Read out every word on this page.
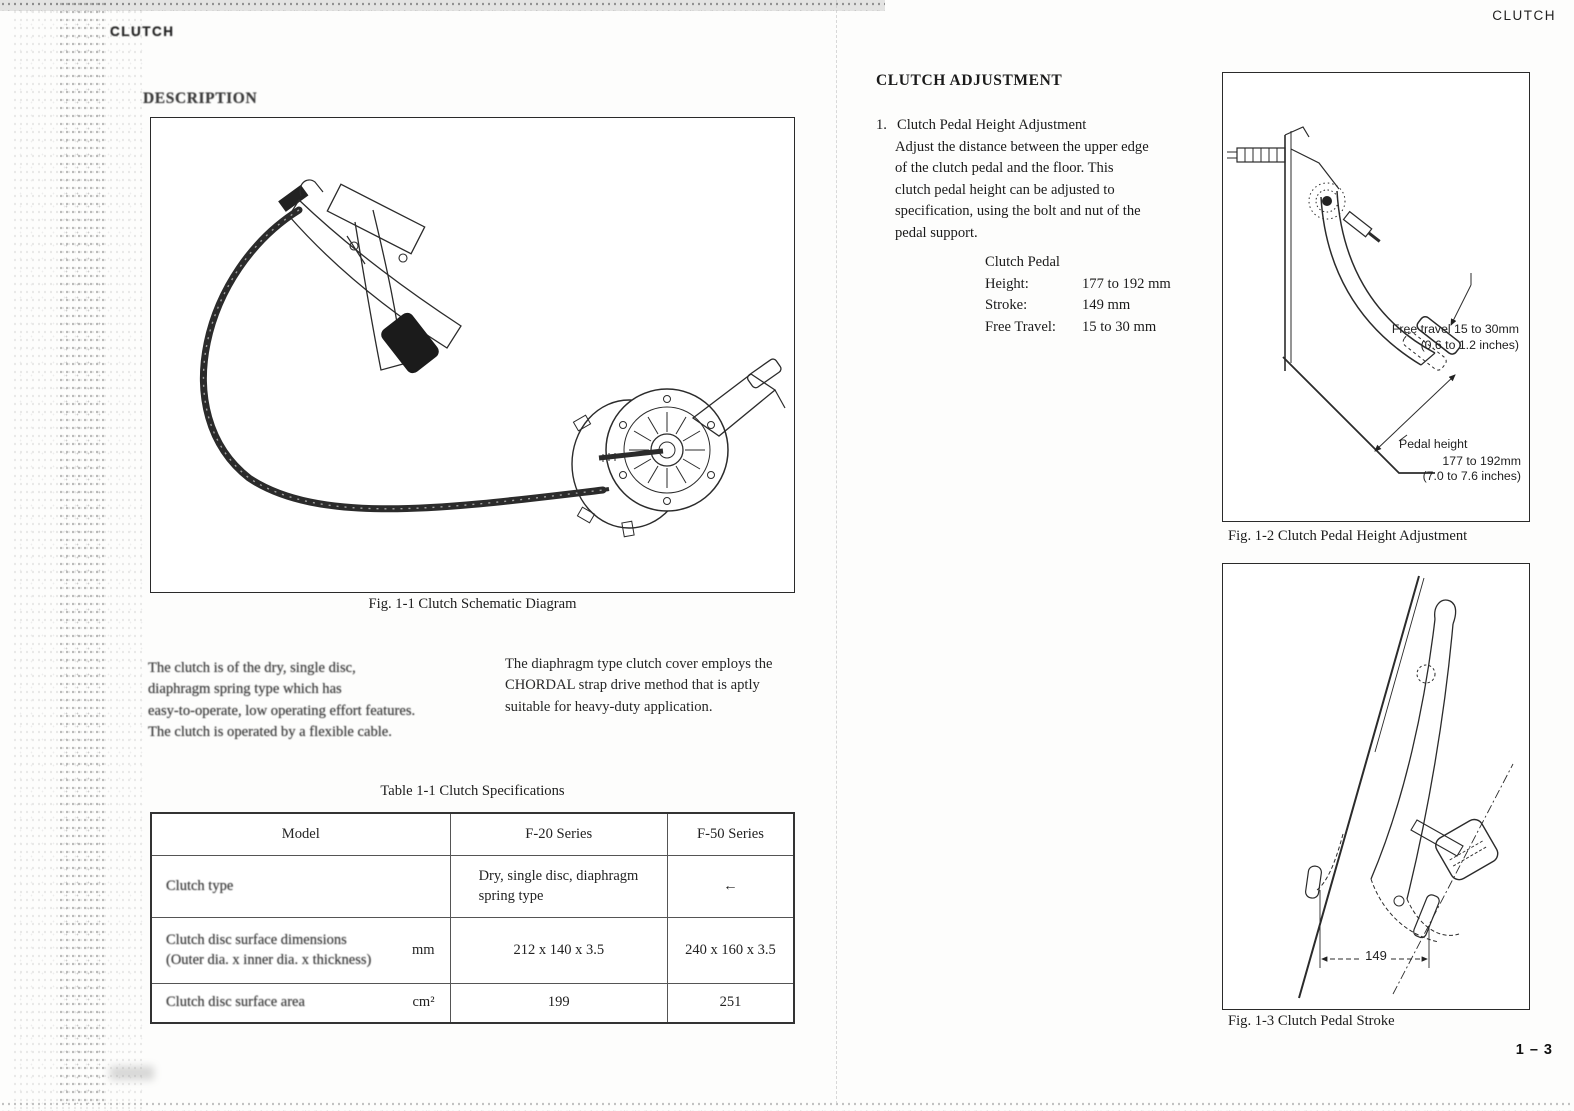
CLUTCH
CLUTCH
1 – 3
DESCRIPTION
Fig. 1-1 Clutch Schematic Diagram
The clutch is of the dry, single disc,
diaphragm spring type which has
easy-to-operate, low operating effort features.
The clutch is operated by a flexible cable.
The diaphragm type clutch cover employs the
CHORDAL strap drive method that is aptly
suitable for heavy-duty application.
Table 1-1 Clutch Specifications
Model	F-20 Series	F-50 Series

Clutch type	Dry, single disc, diaphragm spring type	←

Clutch disc surface dimensions
(Outer dia. x inner dia. x thickness)
mm	212 x 140 x 3.5	240 x 160 x 3.5

Clutch disc surface area cm²	199	251
CLUTCH ADJUSTMENT
1. Clutch Pedal Height Adjustment
Adjust the distance between the upper edge
of the clutch pedal and the floor. This
clutch pedal height can be adjusted to
specification, using the bolt and nut of the
pedal support.
Clutch Pedal
Height:	177 to 192 mm
Stroke:	149 mm
Free Travel: 15 to 30 mm	Free travel 15 to 30mm
(0.6 to 1.2 inches)
Pedal height
177 to 192mm
(7.0 to 7.6 inches)
Fig. 1-2 Clutch Pedal Height Adjustment
149
Fig. 1-3 Clutch Pedal Stroke
